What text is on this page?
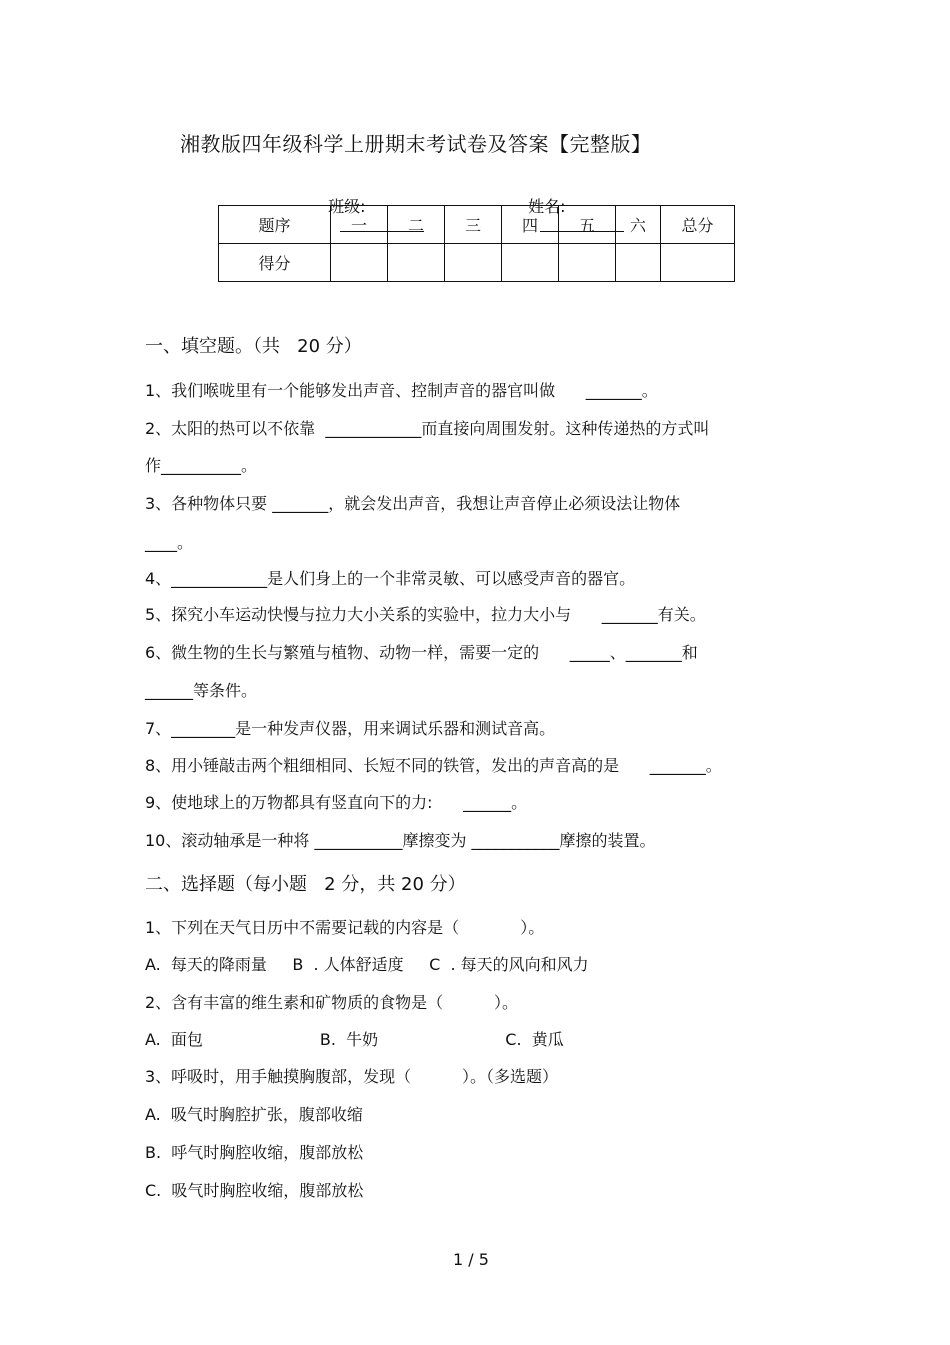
湘教版四年级科学上册期末考试卷及答案【完整版】

班级:
	姓名:

题序	一	二	三	四	五	六	总分
得分							
一、填空题。（共   20 分）
1、我们喉咙里有一个能够发出声音、控制声音的器官叫做      _______。
2、太阳的热可以不依靠  ____________而直接向周围发射。这种传递热的方式叫
作__________。
3、各种物体只要 _______，就会发出声音，我想让声音停止必须设法让物体
____。
4、____________是人们身上的一个非常灵敏、可以感受声音的器官。
5、探究小车运动快慢与拉力大小关系的实验中，拉力大小与      _______有关。
6、微生物的生长与繁殖与植物、动物一样，需要一定的      _____、_______和
______等条件。
7、________是一种发声仪器，用来调试乐器和测试音高。
8、用小锤敲击两个粗细相同、长短不同的铁管，发出的声音高的是      _______。
9、使地球上的万物都具有竖直向下的力:      ______。
10、滚动轴承是一种将 ___________摩擦变为 ___________摩擦的装置。
二、选择题（每小题   2 分，共 20 分）
1、下列在天气日历中不需要记载的内容是（            ）。
A.  每天的降雨量     B  . 人体舒适度     C  . 每天的风向和风力
2、含有丰富的维生素和矿物质的食物是（          ）。
A.  面包                       B.  牛奶                         C.  黄瓜
3、呼吸时，用手触摸胸腹部，发现（          ）。（多选题）
A.  吸气时胸腔扩张，腹部收缩
B.  呼气时胸腔收缩，腹部放松
C.  吸气时胸腔收缩，腹部放松
1 / 5
